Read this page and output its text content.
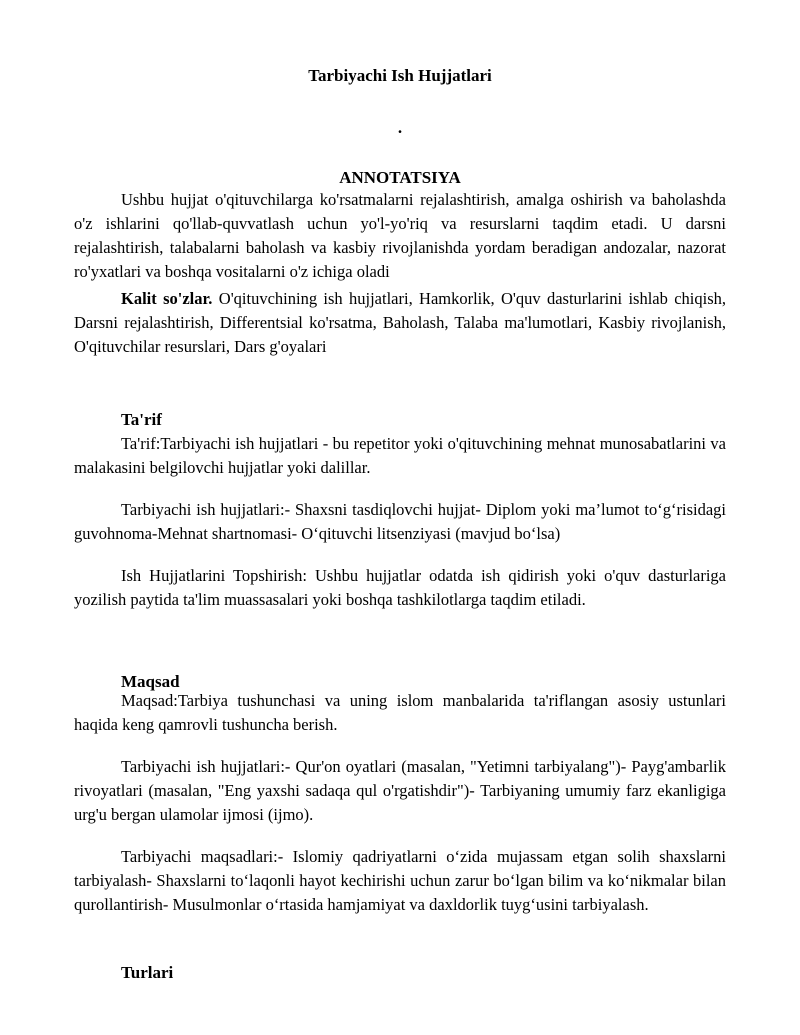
Tarbiyachi Ish Hujjatlari
.
ANNOTATSIYA

Ushbu hujjat o'qituvchilarga ko'rsatmalarni rejalashtirish, amalga oshirish va baholashda o'z ishlarini qo'llab-quvvatlash uchun yo'l-yo'riq va resurslarni taqdim etadi. U darsni rejalashtirish, talabalarni baholash va kasbiy rivojlanishda yordam beradigan andozalar, nazorat ro'yxatlari va boshqa vositalarni o'z ichiga oladi

Kalit so'zlar. O'qituvchining ish hujjatlari, Hamkorlik, O'quv dasturlarini ishlab chiqish, Darsni rejalashtirish, Differentsial ko'rsatma, Baholash, Talaba ma'lumotlari, Kasbiy rivojlanish, O'qituvchilar resurslari, Dars g'oyalari

Ta'rif

Ta'rif:Tarbiyachi ish hujjatlari - bu repetitor yoki o'qituvchining mehnat munosabatlarini va malakasini belgilovchi hujjatlar yoki dalillar.

Tarbiyachi ish hujjatlari:- Shaxsni tasdiqlovchi hujjat- Diplom yoki ma’lumot to‘g‘risidagi guvohnoma-Mehnat shartnomasi- O‘qituvchi litsenziyasi (mavjud bo‘lsa)

Ish Hujjatlarini Topshirish: Ushbu hujjatlar odatda ish qidirish yoki o'quv dasturlariga yozilish paytida ta'lim muassasalari yoki boshqa tashkilotlarga taqdim etiladi.

Maqsad

Maqsad:Tarbiya tushunchasi va uning islom manbalarida ta'riflangan asosiy ustunlari haqida keng qamrovli tushuncha berish.

Tarbiyachi ish hujjatlari:- Qur'on oyatlari (masalan, "Yetimni tarbiyalang")- Payg'ambarlik rivoyatlari (masalan, "Eng yaxshi sadaqa qul o'rgatishdir")- Tarbiyaning umumiy farz ekanligiga urg'u bergan ulamolar ijmosi (ijmo).

Tarbiyachi maqsadlari:- Islomiy qadriyatlarni o‘zida mujassam etgan solih shaxslarni tarbiyalash- Shaxslarni to‘laqonli hayot kechirishi uchun zarur bo‘lgan bilim va ko‘nikmalar bilan qurollantirish- Musulmonlar o‘rtasida hamjamiyat va daxldorlik tuyg‘usini tarbiyalash.

Turlari
